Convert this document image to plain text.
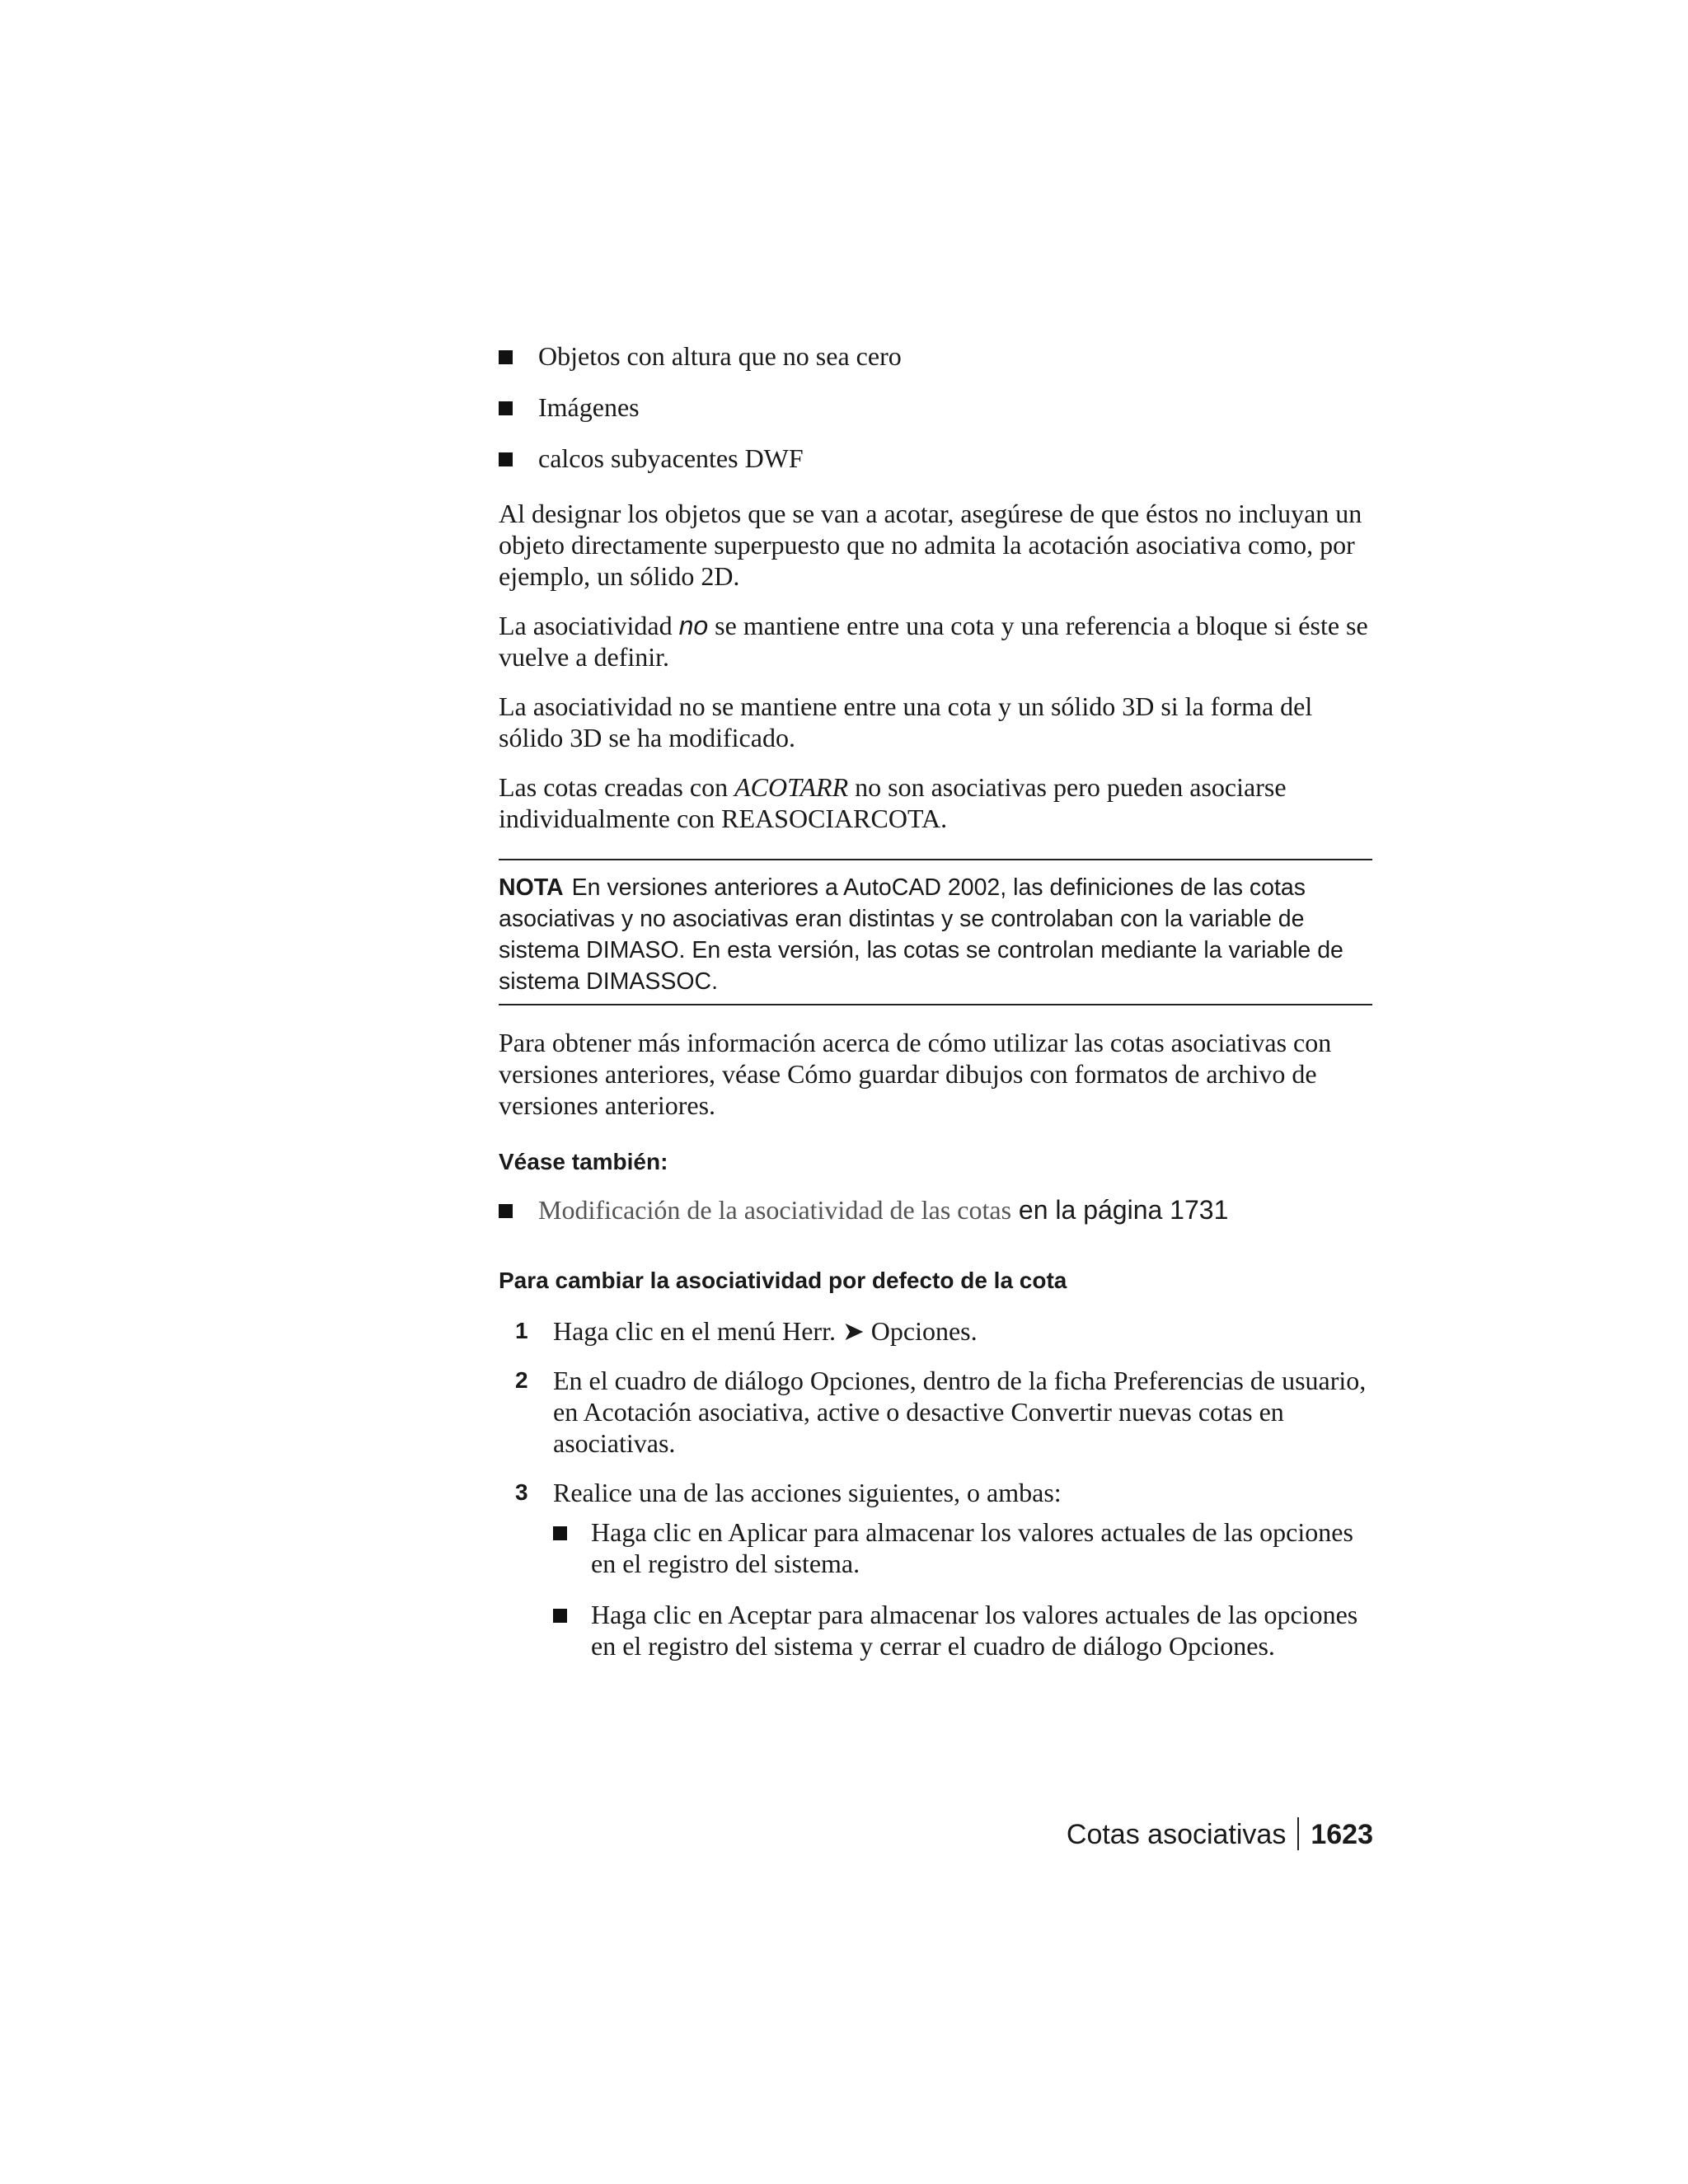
Objetos con altura que no sea cero
Imágenes
calcos subyacentes DWF

Al designar los objetos que se van a acotar, asegúrese de que éstos no incluyan un objeto directamente superpuesto que no admita la acotación asociativa como, por ejemplo, un sólido 2D.

La asociatividad no se mantiene entre una cota y una referencia a bloque si éste se vuelve a definir.

La asociatividad no se mantiene entre una cota y un sólido 3D si la forma del sólido 3D se ha modificado.

Las cotas creadas con ACOTARR no son asociativas pero pueden asociarse individualmente con REASOCIARCOTA.

NOTA En versiones anteriores a AutoCAD 2002, las definiciones de las cotas asociativas y no asociativas eran distintas y se controlaban con la variable de sistema DIMASO. En esta versión, las cotas se controlan mediante la variable de sistema DIMASSOC.

Para obtener más información acerca de cómo utilizar las cotas asociativas con versiones anteriores, véase Cómo guardar dibujos con formatos de archivo de versiones anteriores.

Véase también:
Modificación de la asociatividad de las cotas en la página 1731
Para cambiar la asociatividad por defecto de la cota
1 Haga clic en el menú Herr. ➤ Opciones.
2 En el cuadro de diálogo Opciones, dentro de la ficha Preferencias de usuario, en Acotación asociativa, active o desactive Convertir nuevas cotas en asociativas.
3 Realice una de las acciones siguientes, o ambas:
Haga clic en Aplicar para almacenar los valores actuales de las opciones en el registro del sistema.
Haga clic en Aceptar para almacenar los valores actuales de las opciones en el registro del sistema y cerrar el cuadro de diálogo Opciones.
Cotas asociativas 1623
